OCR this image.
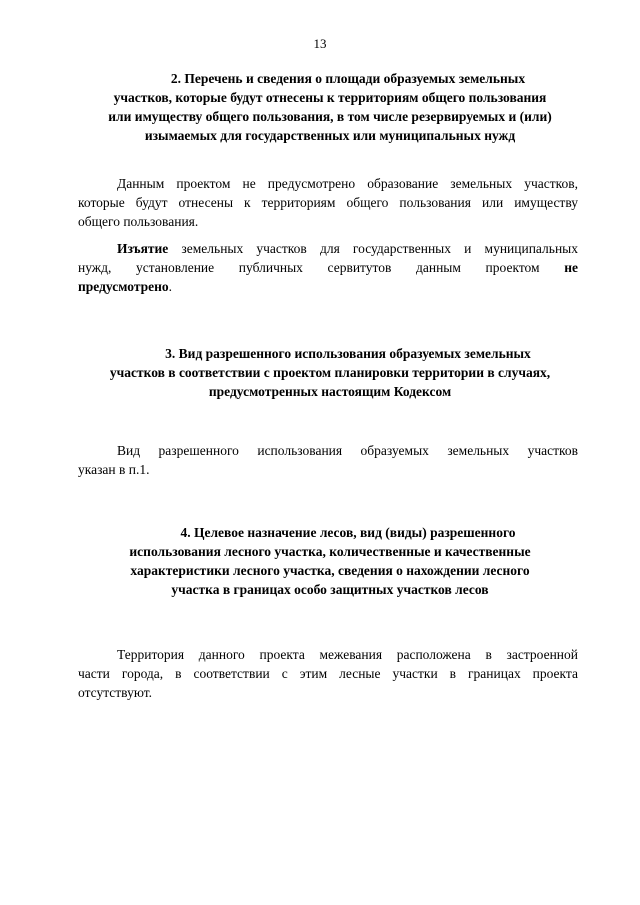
13
2. Перечень и сведения о площади образуемых земельных
участков, которые будут отнесены к территориям общего пользования
или имуществу общего пользования, в том числе резервируемых и (или)
изымаемых для государственных или муниципальных нужд
Данным проектом не предусмотрено образование земельных участков,
которые будут отнесены к территориям общего пользования или имуществу
общего пользования.
Изъятие земельных участков для государственных и муниципальных
нужд, установление публичных сервитутов данным проектом не
предусмотрено.
3. Вид разрешенного использования образуемых земельных
участков в соответствии с проектом планировки территории в случаях,
предусмотренных настоящим Кодексом
Вид разрешенного использования образуемых земельных участков
указан в п.1.
4. Целевое назначение лесов, вид (виды) разрешенного
использования лесного участка, количественные и качественные
характеристики лесного участка, сведения о нахождении лесного
участка в границах особо защитных участков лесов
Территория данного проекта межевания расположена в застроенной
части города, в соответствии с этим лесные участки в границах проекта
отсутствуют.
